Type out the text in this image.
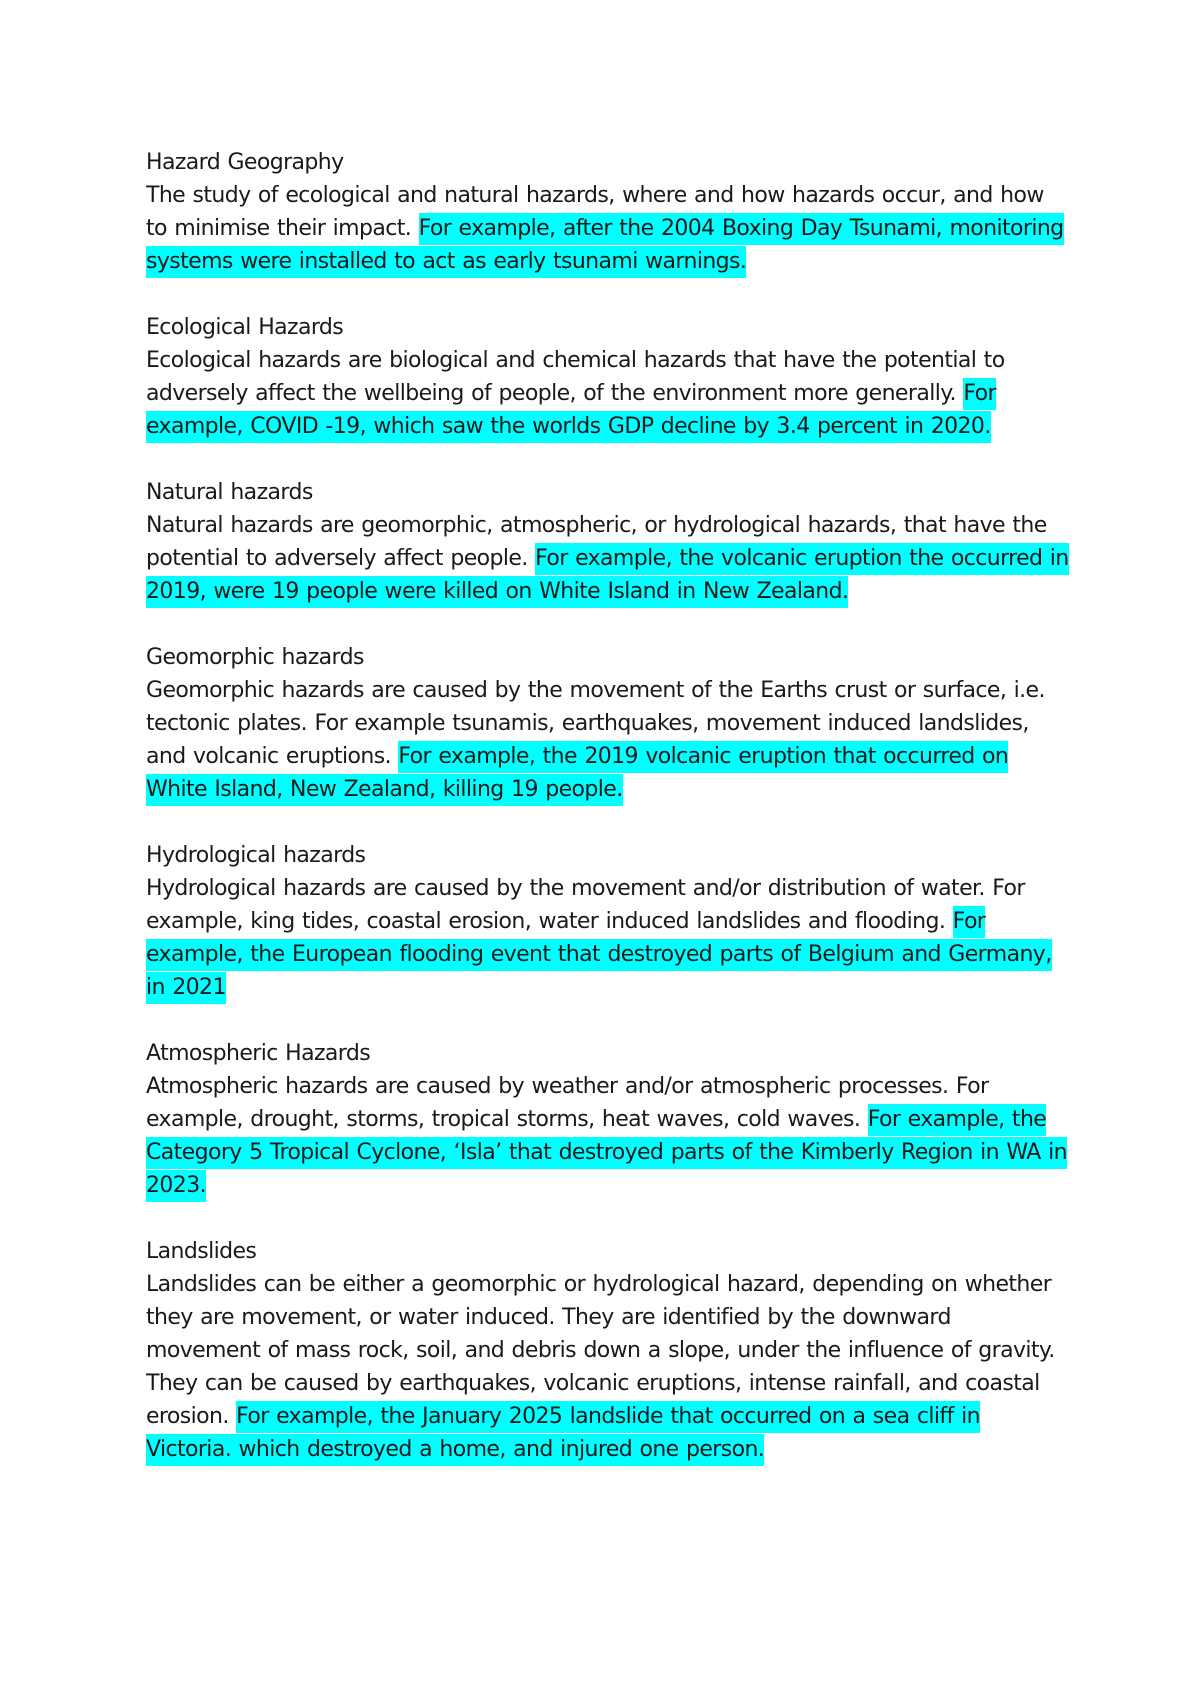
Hazard Geography
The study of ecological and natural hazards, where and how hazards occur, and how to minimise their impact. For example, after the 2004 Boxing Day Tsunami, monitoring systems were installed to act as early tsunami warnings.
Ecological Hazards
Ecological hazards are biological and chemical hazards that have the potential to adversely affect the wellbeing of people, of the environment more generally. For example, COVID -19, which saw the worlds GDP decline by 3.4 percent in 2020.
Natural hazards
Natural hazards are geomorphic, atmospheric, or hydrological hazards, that have the potential to adversely affect people. For example, the volcanic eruption the occurred in 2019, were 19 people were killed on White Island in New Zealand.
Geomorphic hazards
Geomorphic hazards are caused by the movement of the Earths crust or surface, i.e. tectonic plates. For example tsunamis, earthquakes, movement induced landslides, and volcanic eruptions. For example, the 2019 volcanic eruption that occurred on White Island, New Zealand, killing 19 people.
Hydrological hazards
Hydrological hazards are caused by the movement and/or distribution of water. For example, king tides, coastal erosion, water induced landslides and flooding. For example, the European flooding event that destroyed parts of Belgium and Germany, in 2021
Atmospheric Hazards
Atmospheric hazards are caused by weather and/or atmospheric processes. For example, drought, storms, tropical storms, heat waves, cold waves. For example, the Category 5 Tropical Cyclone, ‘Isla’ that destroyed parts of the Kimberly Region in WA in 2023.
Landslides
Landslides can be either a geomorphic or hydrological hazard, depending on whether they are movement, or water induced. They are identified by the downward movement of mass rock, soil, and debris down a slope, under the influence of gravity. They can be caused by earthquakes, volcanic eruptions, intense rainfall, and coastal erosion. For example, the January 2025 landslide that occurred on a sea cliff in Victoria. which destroyed a home, and injured one person.
